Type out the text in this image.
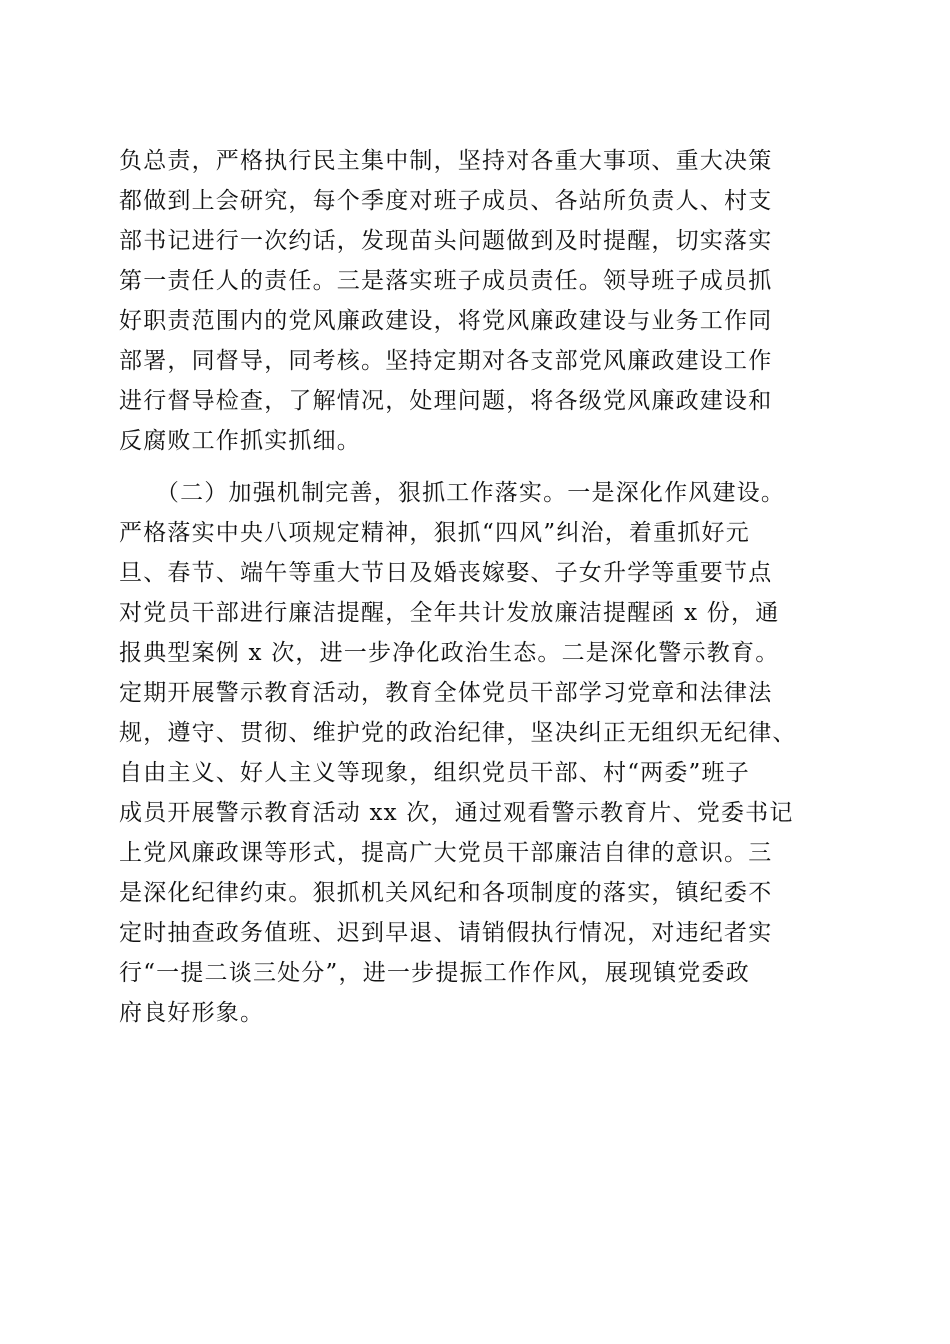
负总责，严格执行民主集中制，坚持对各重大事项、重大决策
都做到上会研究，每个季度对班子成员、各站所负责人、村支
部书记进行一次约话，发现苗头问题做到及时提醒，切实落实
第一责任人的责任。三是落实班子成员责任。领导班子成员抓
好职责范围内的党风廉政建设，将党风廉政建设与业务工作同
部署，同督导，同考核。坚持定期对各支部党风廉政建设工作
进行督导检查，了解情况，处理问题，将各级党风廉政建设和
反腐败工作抓实抓细。
　　（二）加强机制完善，狠抓工作落实。一是深化作风建设。
严格落实中央八项规定精神，狠抓“四风”纠治，着重抓好元
旦、春节、端午等重大节日及婚丧嫁娶、子女升学等重要节点
对党员干部进行廉洁提醒，全年共计发放廉洁提醒函 x 份，通
报典型案例 x 次，进一步净化政治生态。二是深化警示教育。
定期开展警示教育活动，教育全体党员干部学习党章和法律法
规，遵守、贯彻、维护党的政治纪律，坚决纠正无组织无纪律、
自由主义、好人主义等现象，组织党员干部、村“两委”班子
成员开展警示教育活动 xx 次，通过观看警示教育片、党委书记
上党风廉政课等形式，提高广大党员干部廉洁自律的意识。三
是深化纪律约束。狠抓机关风纪和各项制度的落实，镇纪委不
定时抽查政务值班、迟到早退、请销假执行情况，对违纪者实
行“一提二谈三处分”，进一步提振工作作风，展现镇党委政
府良好形象。
